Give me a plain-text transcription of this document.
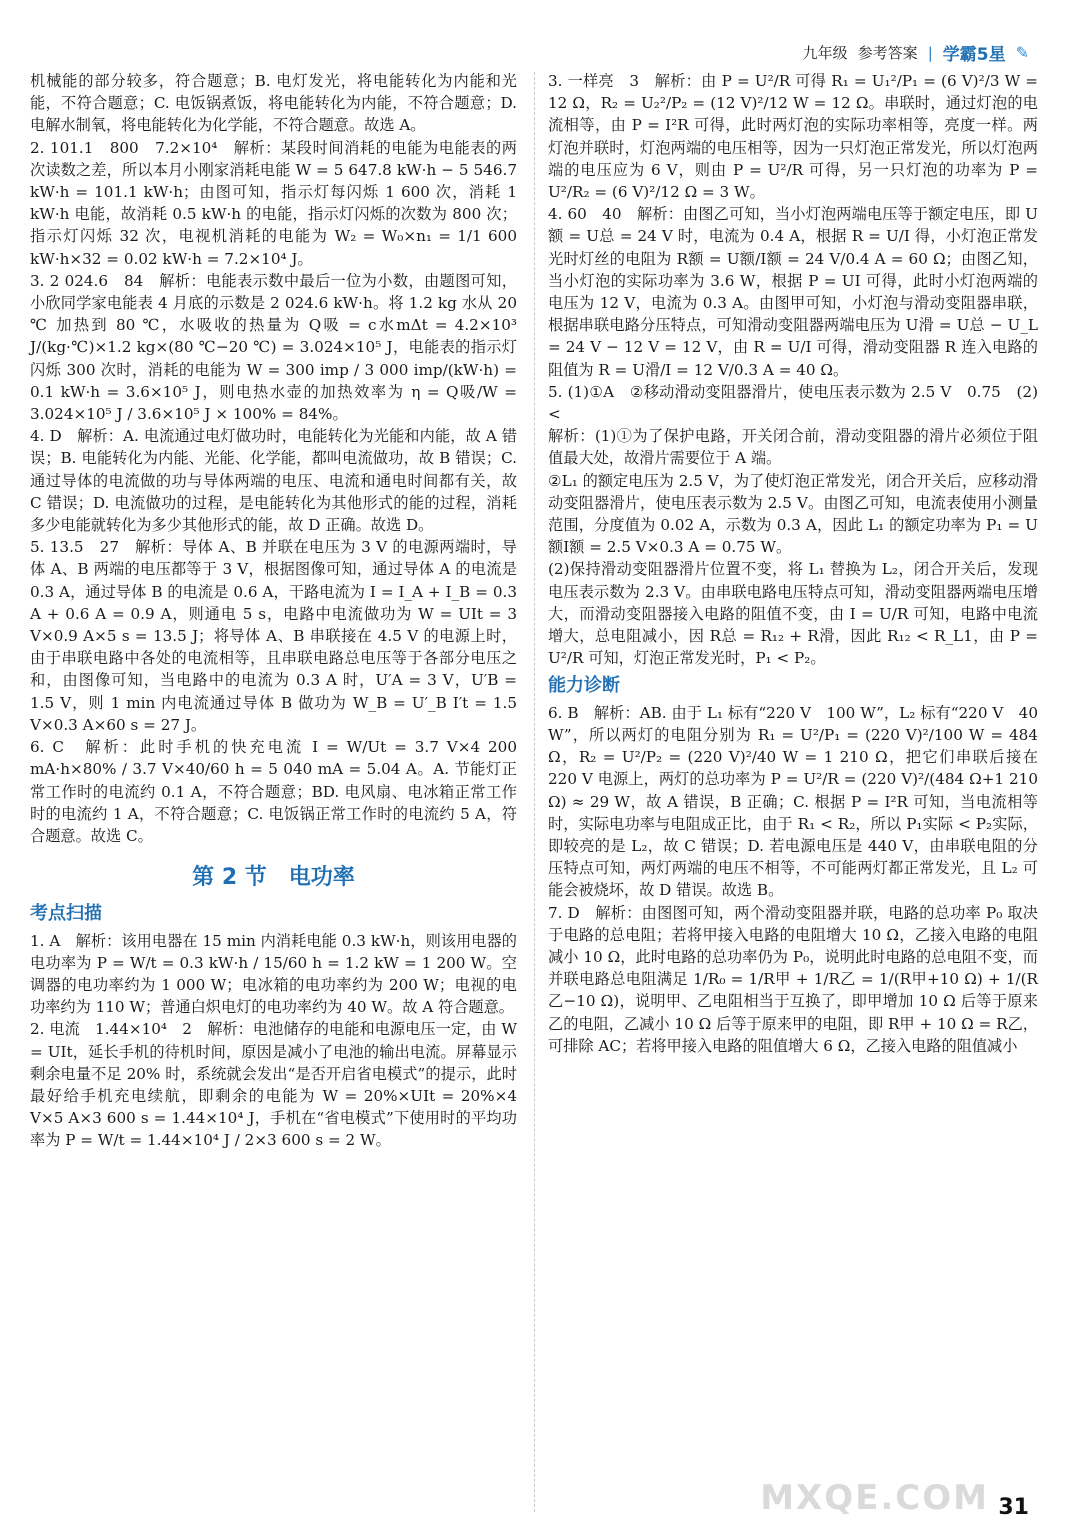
九年级 参考答案 | 学霸5星 ✎

机械能的部分较多，符合题意；B. 电灯发光，将电能转化为内能和光能，不符合题意；C. 电饭锅煮饭，将电能转化为内能，不符合题意；D. 电解水制氧，将电能转化为化学能，不符合题意。故选 A。

2. 101.1　800　7.2×10⁴　解析：某段时间消耗的电能为电能表的两次读数之差，所以本月小刚家消耗电能 W = 5 647.8 kW·h − 5 546.7 kW·h = 101.1 kW·h；由图可知，指示灯每闪烁 1 600 次，消耗 1 kW·h 电能，故消耗 0.5 kW·h 的电能，指示灯闪烁的次数为 800 次；指示灯闪烁 32 次，电视机消耗的电能为 W₂ = W₀×n₁ = 1/1 600 kW·h×32 = 0.02 kW·h = 7.2×10⁴ J。

3. 2 024.6　84　解析：电能表示数中最后一位为小数，由题图可知，小欣同学家电能表 4 月底的示数是 2 024.6 kW·h。将 1.2 kg 水从 20 ℃ 加热到 80 ℃，水吸收的热量为 Q吸 = c水mΔt = 4.2×10³ J/(kg·℃)×1.2 kg×(80 ℃−20 ℃) = 3.024×10⁵ J，电能表的指示灯闪烁 300 次时，消耗的电能为 W = 300 imp / 3 000 imp/(kW·h) = 0.1 kW·h = 3.6×10⁵ J，则电热水壶的加热效率为 η = Q吸/W = 3.024×10⁵ J / 3.6×10⁵ J × 100% = 84%。

4. D　解析：A. 电流通过电灯做功时，电能转化为光能和内能，故 A 错误；B. 电能转化为内能、光能、化学能，都叫电流做功，故 B 错误；C. 通过导体的电流做的功与导体两端的电压、电流和通电时间都有关，故 C 错误；D. 电流做功的过程，是电能转化为其他形式的能的过程，消耗多少电能就转化为多少其他形式的能，故 D 正确。故选 D。

5. 13.5　27　解析：导体 A、B 并联在电压为 3 V 的电源两端时，导体 A、B 两端的电压都等于 3 V，根据图像可知，通过导体 A 的电流是 0.3 A，通过导体 B 的电流是 0.6 A，干路电流为 I = I_A + I_B = 0.3 A + 0.6 A = 0.9 A，则通电 5 s，电路中电流做功为 W = UIt = 3 V×0.9 A×5 s = 13.5 J；将导体 A、B 串联接在 4.5 V 的电源上时，由于串联电路中各处的电流相等，且串联电路总电压等于各部分电压之和，由图像可知，当电路中的电流为 0.3 A 时，U′A = 3 V，U′B = 1.5 V，则 1 min 内电流通过导体 B 做功为 W_B = U′_B I′t = 1.5 V×0.3 A×60 s = 27 J。

6. C　解析：此时手机的快充电流 I = W/Ut = 3.7 V×4 200 mA·h×80% / 3.7 V×40/60 h = 5 040 mA = 5.04 A。A. 节能灯正常工作时的电流约 0.1 A，不符合题意；BD. 电风扇、电冰箱正常工作时的电流约 1 A，不符合题意；C. 电饭锅正常工作时的电流约 5 A，符合题意。故选 C。

第 2 节　电功率
考点扫描

1. A　解析：该用电器在 15 min 内消耗电能 0.3 kW·h，则该用电器的电功率为 P = W/t = 0.3 kW·h / 15/60 h = 1.2 kW = 1 200 W。空调器的电功率约为 1 000 W；电冰箱的电功率约为 200 W；电视的电功率约为 110 W；普通白炽电灯的电功率约为 40 W。故 A 符合题意。

2. 电流　1.44×10⁴　2　解析：电池储存的电能和电源电压一定，由 W = UIt，延长手机的待机时间，原因是减小了电池的输出电流。屏幕显示剩余电量不足 20% 时，系统就会发出“是否开启省电模式”的提示，此时最好给手机充电续航，即剩余的电能为 W = 20%×UIt = 20%×4 V×5 A×3 600 s = 1.44×10⁴ J，手机在“省电模式”下使用时的平均功率为 P = W/t = 1.44×10⁴ J / 2×3 600 s = 2 W。

3. 一样亮　3　解析：由 P = U²/R 可得 R₁ = U₁²/P₁ = (6 V)²/3 W = 12 Ω，R₂ = U₂²/P₂ = (12 V)²/12 W = 12 Ω。串联时，通过灯泡的电流相等，由 P = I²R 可得，此时两灯泡的实际功率相等，亮度一样。两灯泡并联时，灯泡两端的电压相等，因为一只灯泡正常发光，所以灯泡两端的电压应为 6 V，则由 P = U²/R 可得，另一只灯泡的功率为 P = U²/R₂ = (6 V)²/12 Ω = 3 W。

4. 60　40　解析：由图乙可知，当小灯泡两端电压等于额定电压，即 U额 = U总 = 24 V 时，电流为 0.4 A，根据 R = U/I 得，小灯泡正常发光时灯丝的电阻为 R额 = U额/I额 = 24 V/0.4 A = 60 Ω；由图乙知，当小灯泡的实际功率为 3.6 W，根据 P = UI 可得，此时小灯泡两端的电压为 12 V，电流为 0.3 A。由图甲可知，小灯泡与滑动变阻器串联，根据串联电路分压特点，可知滑动变阻器两端电压为 U滑 = U总 − U_L = 24 V − 12 V = 12 V，由 R = U/I 可得，滑动变阻器 R 连入电路的阻值为 R = U滑/I = 12 V/0.3 A = 40 Ω。

5. (1)①A　②移动滑动变阻器滑片，使电压表示数为 2.5 V　0.75　(2)<

解析：(1)①为了保护电路，开关闭合前，滑动变阻器的滑片必须位于阻值最大处，故滑片需要位于 A 端。

②L₁ 的额定电压为 2.5 V，为了使灯泡正常发光，闭合开关后，应移动滑动变阻器滑片，使电压表示数为 2.5 V。由图乙可知，电流表使用小测量范围，分度值为 0.02 A，示数为 0.3 A，因此 L₁ 的额定功率为 P₁ = U额I额 = 2.5 V×0.3 A = 0.75 W。

(2)保持滑动变阻器滑片位置不变，将 L₁ 替换为 L₂，闭合开关后，发现电压表示数为 2.3 V。由串联电路电压特点可知，滑动变阻器两端电压增大，而滑动变阻器接入电路的阻值不变，由 I = U/R 可知，电路中电流增大，总电阻减小，因 R总 = R₁₂ + R滑，因此 R₁₂ < R_L1，由 P = U²/R 可知，灯泡正常发光时，P₁ < P₂。

能力诊断

6. B　解析：AB. 由于 L₁ 标有“220 V　100 W”，L₂ 标有“220 V　40 W”，所以两灯的电阻分别为 R₁ = U²/P₁ = (220 V)²/100 W = 484 Ω，R₂ = U²/P₂ = (220 V)²/40 W = 1 210 Ω，把它们串联后接在 220 V 电源上，两灯的总功率为 P = U²/R = (220 V)²/(484 Ω+1 210 Ω) ≈ 29 W，故 A 错误，B 正确；C. 根据 P = I²R 可知，当电流相等时，实际电功率与电阻成正比，由于 R₁ < R₂，所以 P₁实际 < P₂实际，即较亮的是 L₂，故 C 错误；D. 若电源电压是 440 V，由串联电阻的分压特点可知，两灯两端的电压不相等，不可能两灯都正常发光，且 L₂ 可能会被烧坏，故 D 错误。故选 B。

7. D　解析：由图图可知，两个滑动变阻器并联，电路的总功率 P₀ 取决于电路的总电阻；若将甲接入电路的电阻增大 10 Ω，乙接入电路的电阻减小 10 Ω，此时电路的总功率仍为 P₀，说明此时电路的总电阻不变，而并联电路总电阻满足 1/R₀ = 1/R甲 + 1/R乙 = 1/(R甲+10 Ω) + 1/(R乙−10 Ω)，说明甲、乙电阻相当于互换了，即甲增加 10 Ω 后等于原来乙的电阻，乙减小 10 Ω 后等于原来甲的电阻，即 R甲 + 10 Ω = R乙，可排除 AC；若将甲接入电路的阻值增大 6 Ω，乙接入电路的阻值减小

MXQE.COM 31
